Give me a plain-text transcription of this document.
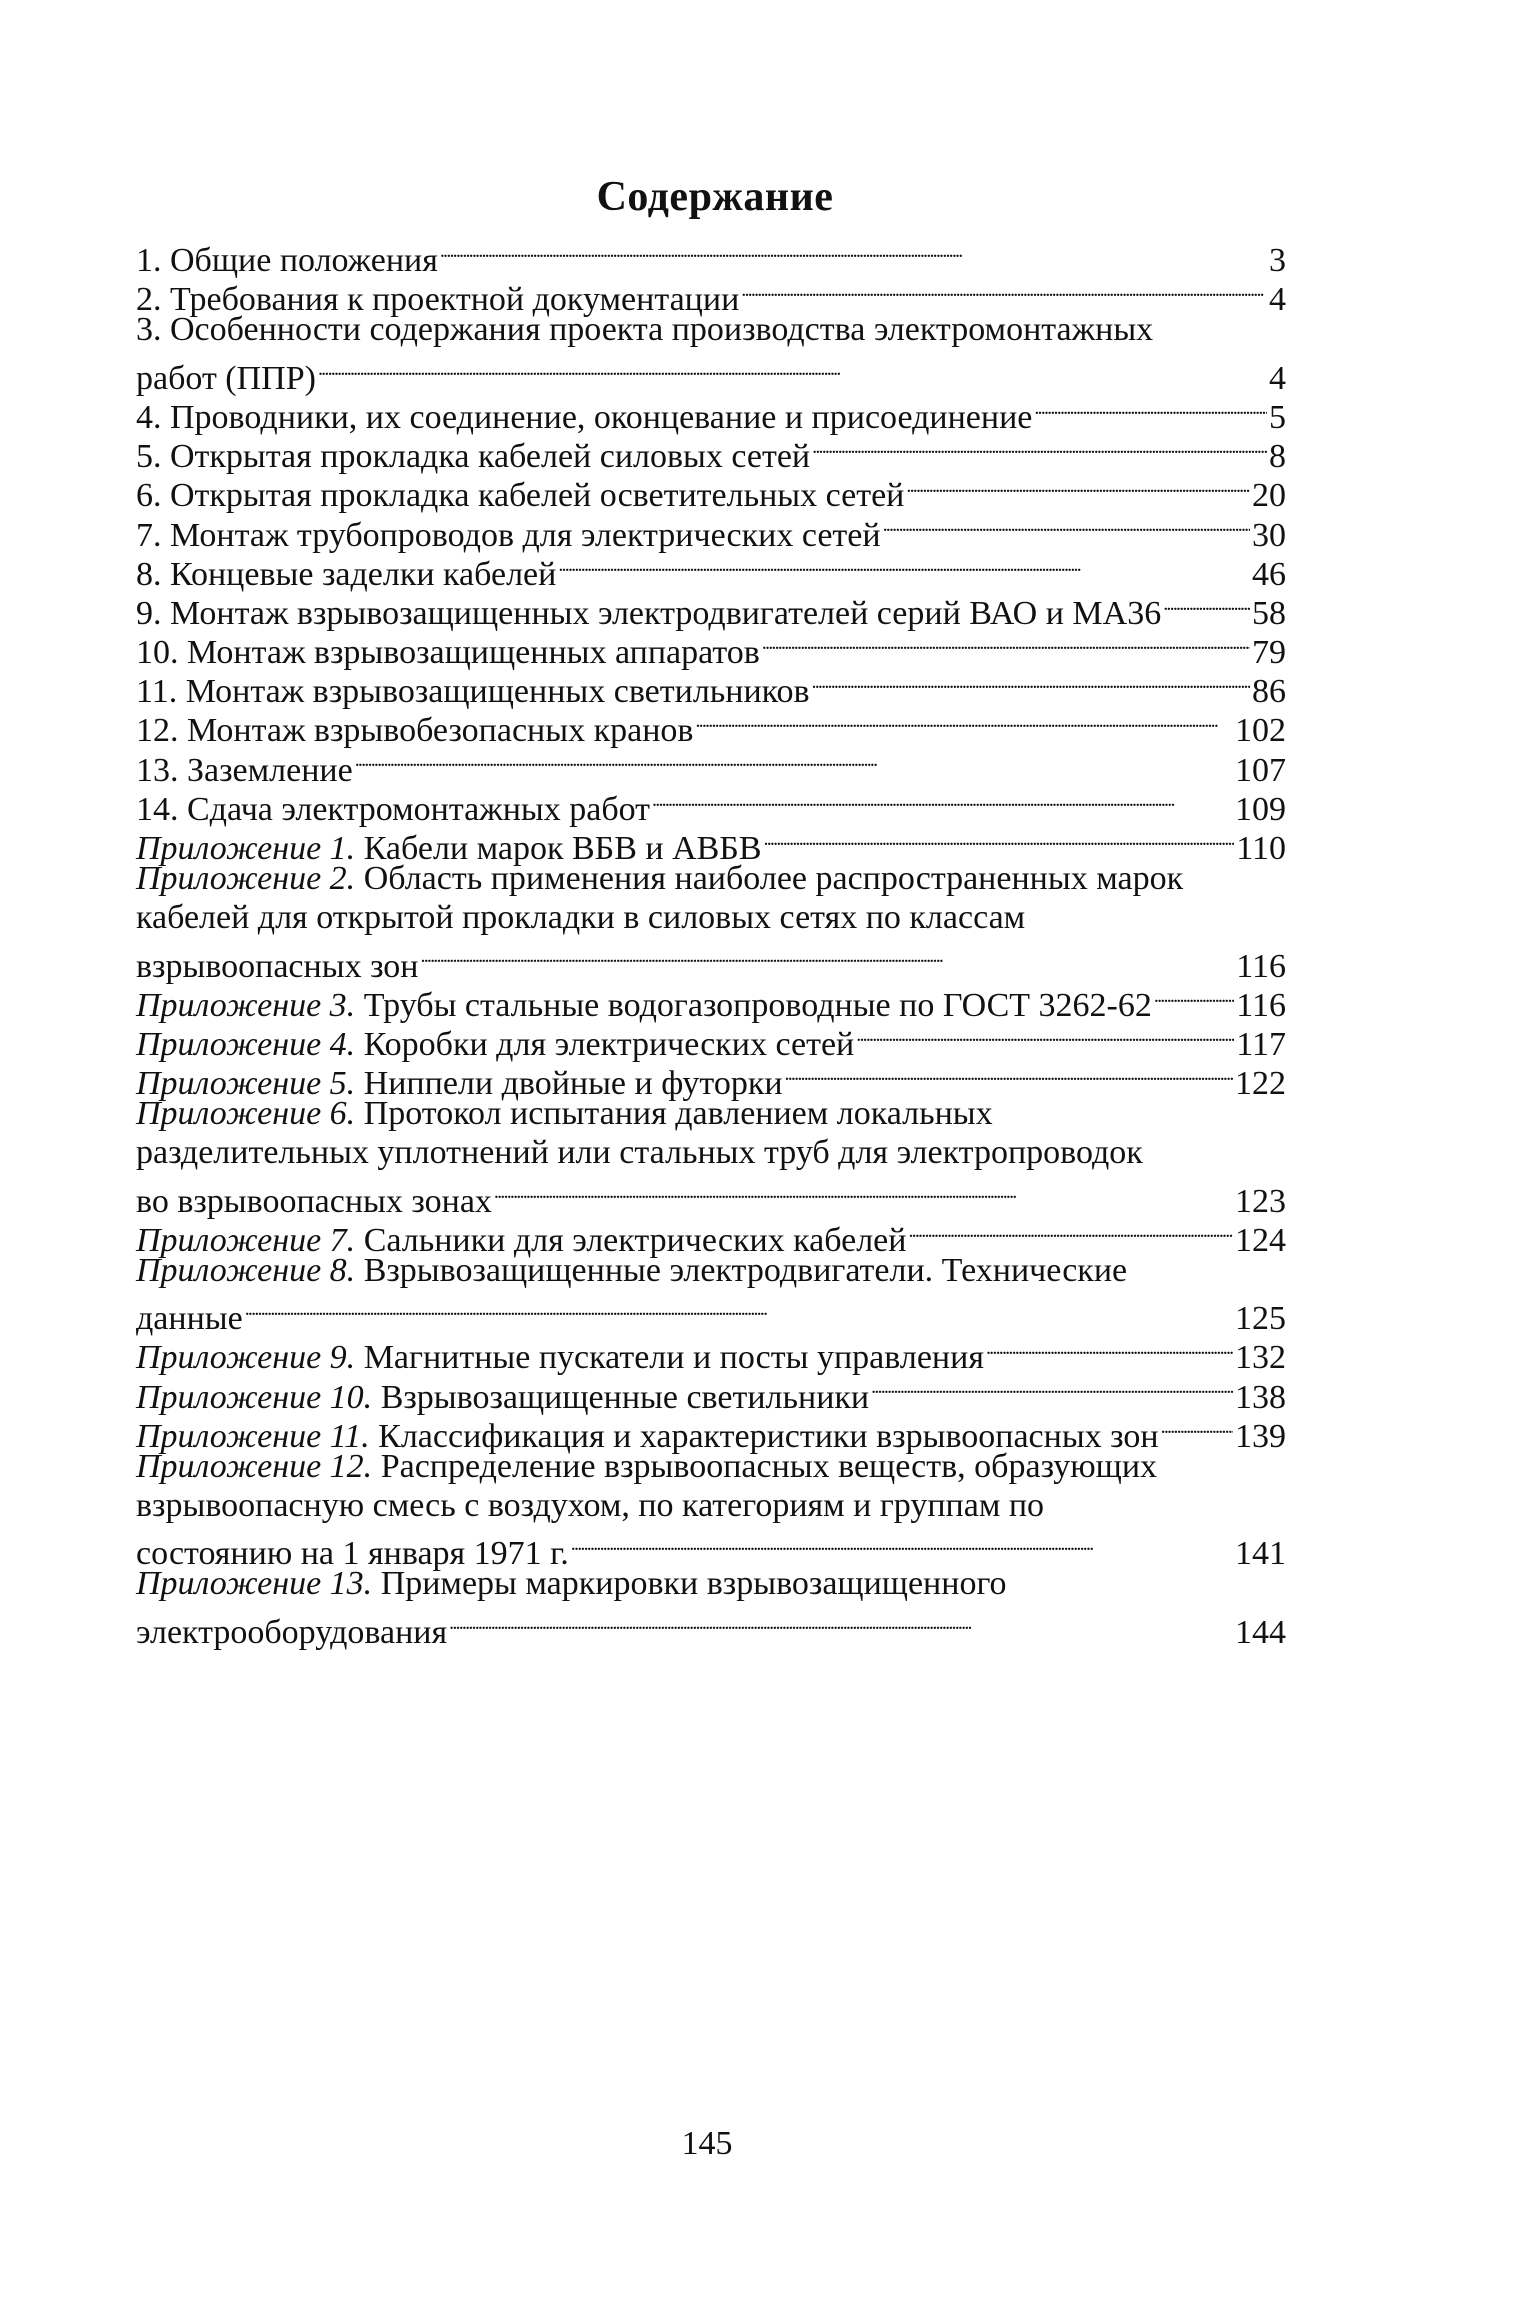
Содержание
1. Общие положения . . .	3
2. Требования к проектной документации . . .	4
3. Особенности содержания проекта производства электромонтажных
работ (ППР) . . .	4
4. Проводники, их соединение, оконцевание и присоединение . . .	5
5. Открытая прокладка кабелей силовых сетей . . .	8
6. Открытая прокладка кабелей осветительных сетей . . .	20
7. Монтаж трубопроводов для электрических сетей . . .	30
8. Концевые заделки кабелей . . .	46
9. Монтаж взрывозащищенных электродвигателей серий ВАО и МА36 . . .	58
10. Монтаж взрывозащищенных аппаратов . . .	79
11. Монтаж взрывозащищенных светильников . . .	86
12. Монтаж взрывобезопасных кранов . . .	102
13. Заземление . . .	107
14. Сдача электромонтажных работ . . .	109
Приложение 1. Кабели марок ВБВ и АВБВ . . .	110
Приложение 2. Область применения наиболее распространенных марок
кабелей для открытой прокладки в силовых сетях по классам
взрывоопасных зон . . .	116
Приложение 3. Трубы стальные водогазопроводные по ГОСТ 3262-62 . . . 116
Приложение 4. Коробки для электрических сетей . . .	117
Приложение 5. Ниппели двойные и футорки . . .	122
Приложение 6. Протокол испытания давлением локальных
разделительных уплотнений или стальных труб для электропроводок
во взрывоопасных зонах . . .	123
Приложение 7. Сальники для электрических кабелей . . .	124
Приложение 8. Взрывозащищенные электродвигатели. Технические
данные . . .	125
Приложение 9. Магнитные пускатели и посты управления . . .	132
Приложение 10. Взрывозащищенные светильники . . .	138
Приложение 11. Классификация и характеристики взрывоопасных зон . . . 139
Приложение 12. Распределение взрывоопасных веществ, образующих
взрывоопасную смесь с воздухом, по категориям и группам по
состоянию на 1 января 1971 г. . . .	141
Приложение 13. Примеры маркировки взрывозащищенного
электрооборудования . . .	144
145
